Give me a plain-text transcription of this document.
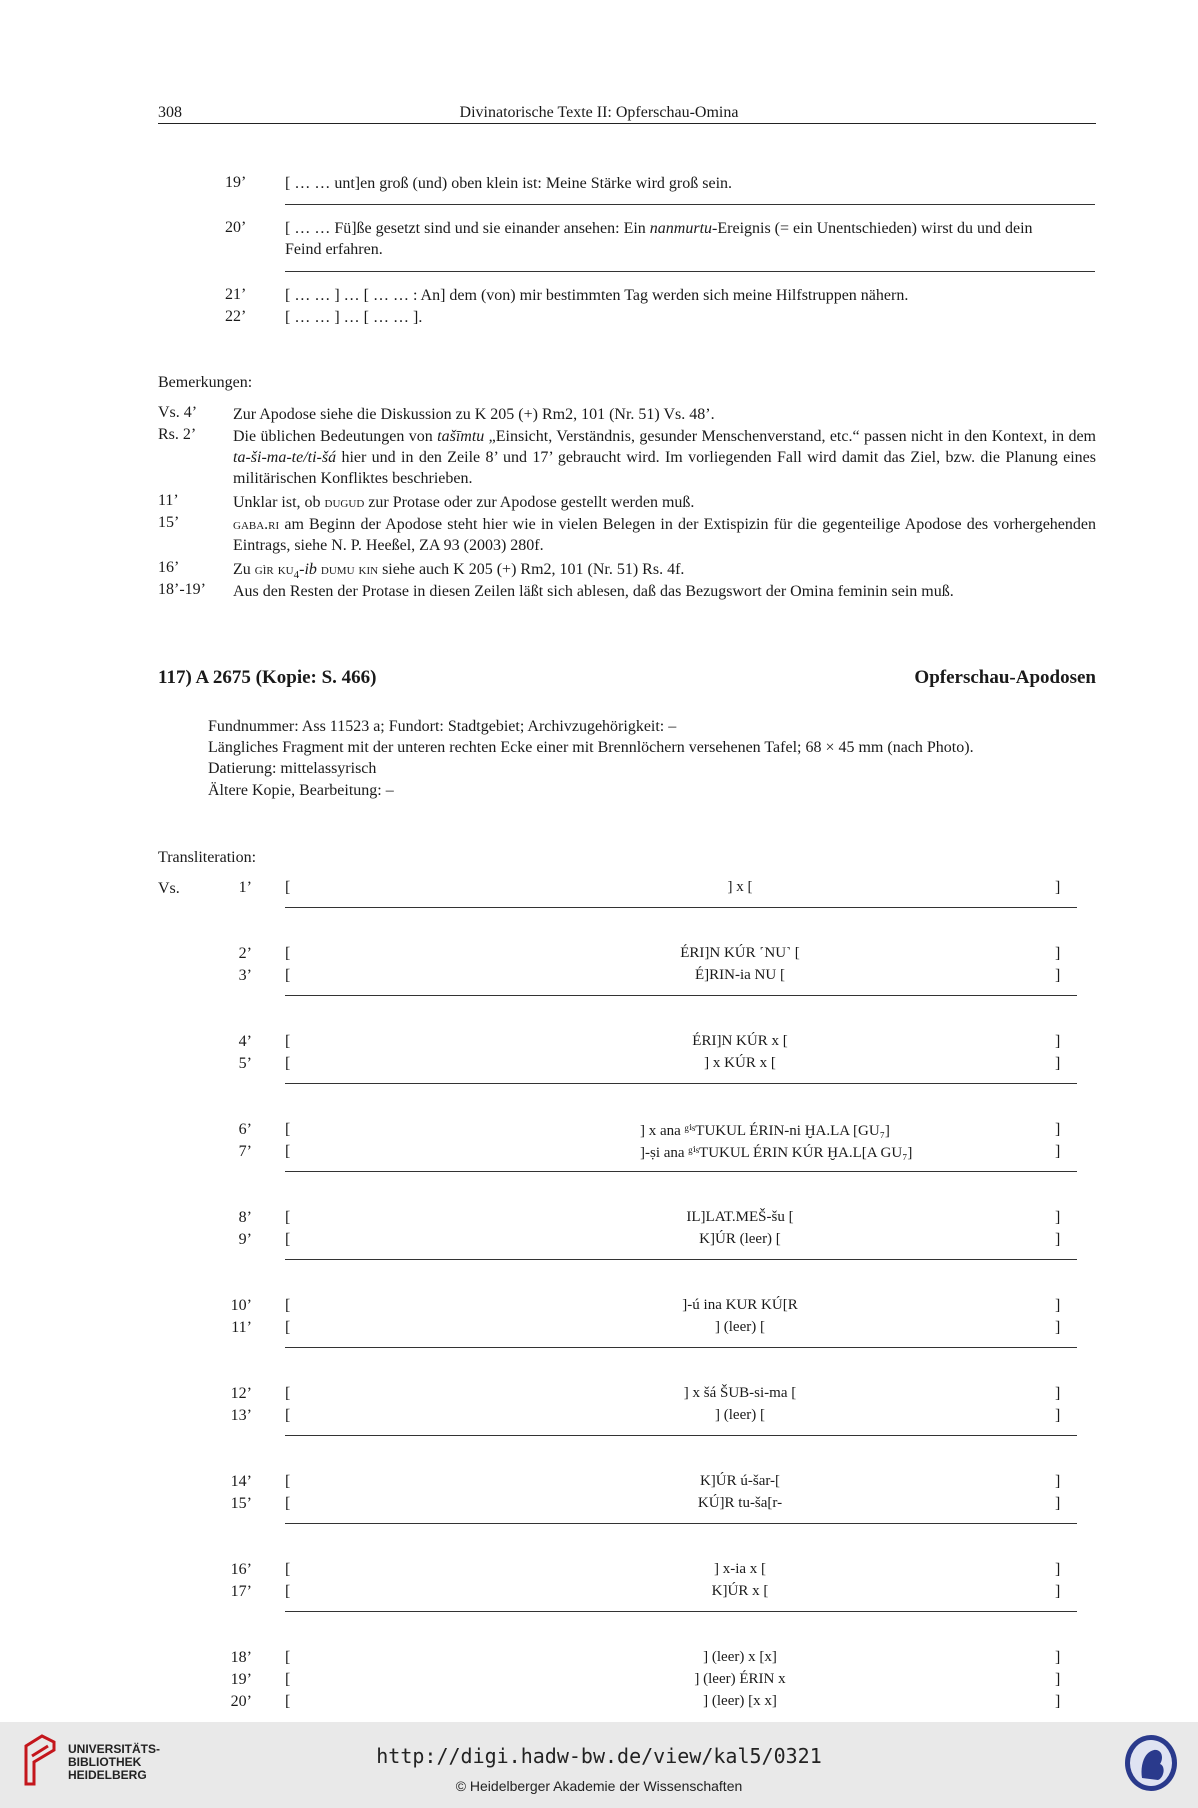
308	Divinatorische Texte II: Opferschau-Omina
19’	[ … … unt]en groß (und) oben klein ist: Meine Stärke wird groß sein.
20’	[ … … Fü]ße gesetzt sind und sie einander ansehen: Ein nanmurtu-Ereignis (= ein Unentschieden) wirst du und dein
Feind erfahren.
21’	[ … … ] … [ … … : An] dem (von) mir bestimmten Tag werden sich meine Hilfstruppen nähern.
22’	[ … … ] … [ … … ].
Bemerkungen:
Vs. 4’ Zur Apodose siehe die Diskussion zu K 205 (+) Rm2, 101 (Nr. 51) Vs. 48’.
Rs. 2’ Die üblichen Bedeutungen von tašīmtu „Einsicht, Verständnis, gesunder Menschenverstand, etc.“ passen nicht in den Kontext, in dem ta-ši-ma-te/ti-šá hier und in den Zeile 8’ und 17’ gebraucht wird. Im vorliegenden Fall wird damit das Ziel, bzw. die Planung eines militärischen Konfliktes beschrieben.
11’	Unklar ist, ob dugud zur Protase oder zur Apodose gestellt werden muß.
15’	gaba.ri am Beginn der Apodose steht hier wie in vielen Belegen in der Extispizin für die gegenteilige Apodose des vorhergehenden Eintrags, siehe N. P. Heeßel, ZA 93 (2003) 280f.
16’	Zu gìr $ku_4-ib$ dumu kin siehe auch K 205 (+) Rm2, 101 (Nr. 51) Rs. 4f.
18’-19’ Aus den Resten der Protase in diesen Zeilen läßt sich ablesen, daß das Bezugswort der Omina feminin sein muß.
117) A 2675 (Kopie: S. 466)	Opferschau-Apodosen
Fundnummer: Ass 11523 a; Fundort: Stadtgebiet; Archivzugehörigkeit: –
Längliches Fragment mit der unteren rechten Ecke einer mit Brennlöchern versehenen Tafel; 68 × 45 mm (nach Photo).
Datierung: mittelassyrisch
Ältere Kopie, Bearbeitung: –
Transliteration:
Vs.	1’ [	] x [	]
2’ [	ÉRI]N KÚR ˹NU˺ [	]
3’ [	É]RIN-ia NU [	]
4’ [	ÉRI]N KÚR x [	]
5’ [	] x KÚR x [	]
6’ [	] x ana ᵍⁱˢTUKUL ÉRIN-ni ḪA.LA [GU₇]	]
7’ [	]-ṣi ana ᵍⁱˢTUKUL ÉRIN KÚR ḪA.L[A GU₇]	]
8’ [	IL]LAT.MEŠ-šu [	]
9’ [	K]ÚR (leer) [	]
10’ [	]-ú ina KUR KÚ[R	]
11’ [	] (leer) [	]
12’ [	] x šá ŠUB-si-ma [	]
13’ [	] (leer) [	]
14’ [	K]ÚR ú-šar-[	]
15’ [	KÚ]R tu-ša[r-	]
16’ [	] x-ia x [	]
17’ [	K]ÚR x [	]
18’ [	] (leer) x [x]	]
19’ [	] (leer) ÉRIN x	]
20’ [	] (leer) [x x]	]
UNIVERSITÄTS-
BIBLIOTHEK
HEIDELBERG
http://digi.hadw-bw.de/view/kal5/0321
© Heidelberger Akademie der Wissenschaften
